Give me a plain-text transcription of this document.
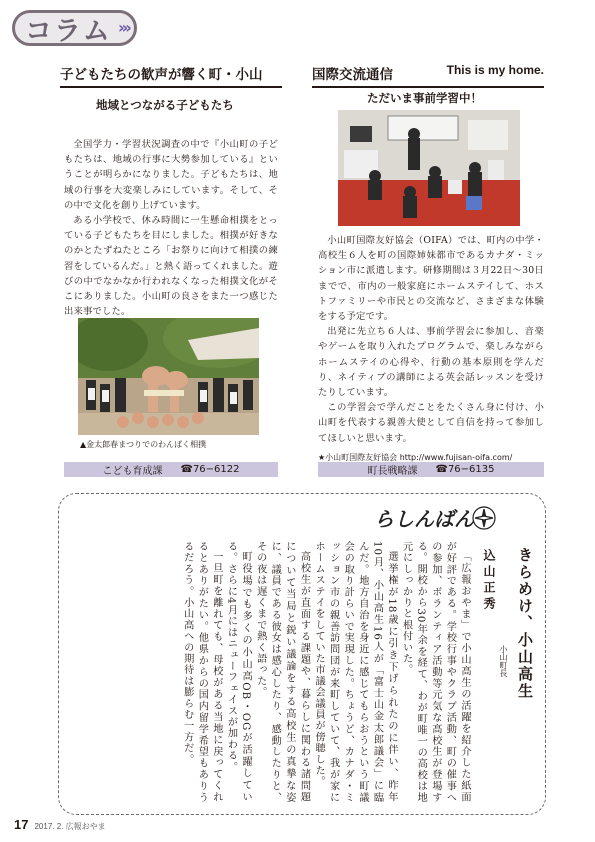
コラム ›››
子どもたちの歓声が響く町・小山
地域とつながる子どもたち

全国学力・学習状況調査の中で『小山町の子どもたちは、地域の行事に大勢参加している』ということが明らかになりました。子どもたちは、地域の行事を大変楽しみにしています。そして、その中で文化を創り上げています。

ある小学校で、休み時間に一生懸命相撲をとっている子どもたちを目にしました。相撲が好きなのかとたずねたところ「お祭りに向けて相撲の練習をしているんだ。」と熱く語ってくれました。遊びの中でなかなか行われなくなった相撲文化がそこにありました。小山町の良さをまた一つ感じた出来事でした。

▲金太郎春まつりでのわんぱく相撲
こども育成課 ☎76−6122
国際交流通信	This is my home.
ただいま事前学習中！

小山町国際友好協会（OIFA）では、町内の中学・高校生６人を町の国際姉妹都市であるカナダ・ミッション市に派遣します。研修期間は３月22日〜30日までで、市内の一般家庭にホームステイして、ホストファミリーや市民との交流など、さまざまな体験をする予定です。

出発に先立ち６人は、事前学習会に参加し、音楽やゲームを取り入れたプログラムで、楽しみながらホームステイの心得や、行動の基本原則を学んだり、ネイティブの講師による英会話レッスンを受けたりしています。

この学習会で学んだことをたくさん身に付け、小山町を代表する親善大使として自信を持って参加してほしいと思います。

★小山町国際友好協会 http://www.fujisan-oifa.com/
町長戦略課 ☎76−6135
らしんばん
きらめけ、小山高生
小山町長
込山正秀

「広報おやま」で小山高生の活躍を紹介した紙面が好評である。学校行事やクラブ活動、町の催事への参加、ボランティア活動等元気な高校生が登場する。開校から30年余を経て、わが町唯一の高校は地元にしっかりと根付いた。

選挙権が18歳に引き下げられたのに伴い、昨年10月、小山高生16人が「富士山金太郎議会」に臨んだ。地方自治を身近に感じてもらおうという町議会の取り計らいで実現した。ちょうど、カナダ・ミッション市の親善訪問団が来町していて、我が家にホームステイをしていた市議会議員が傍聴した。

高校生が直面する課題や、暮らしに関わる諸問題について当局と鋭い議論をする高校生の真摯な姿に、議員である彼女は感心したり、感動したりと、その夜は遅くまで熱く語った。

町役場でも多くの小山高OB・OGが活躍している。さらに4月にはニューフェイスが加わる。

一旦町を離れても、母校がある当地に戻ってくれるとありがたい。他県からの国内留学希望もありうるだろう。小山高への期待は膨らむ一方だ。

17 2017. 2. 広報おやま
